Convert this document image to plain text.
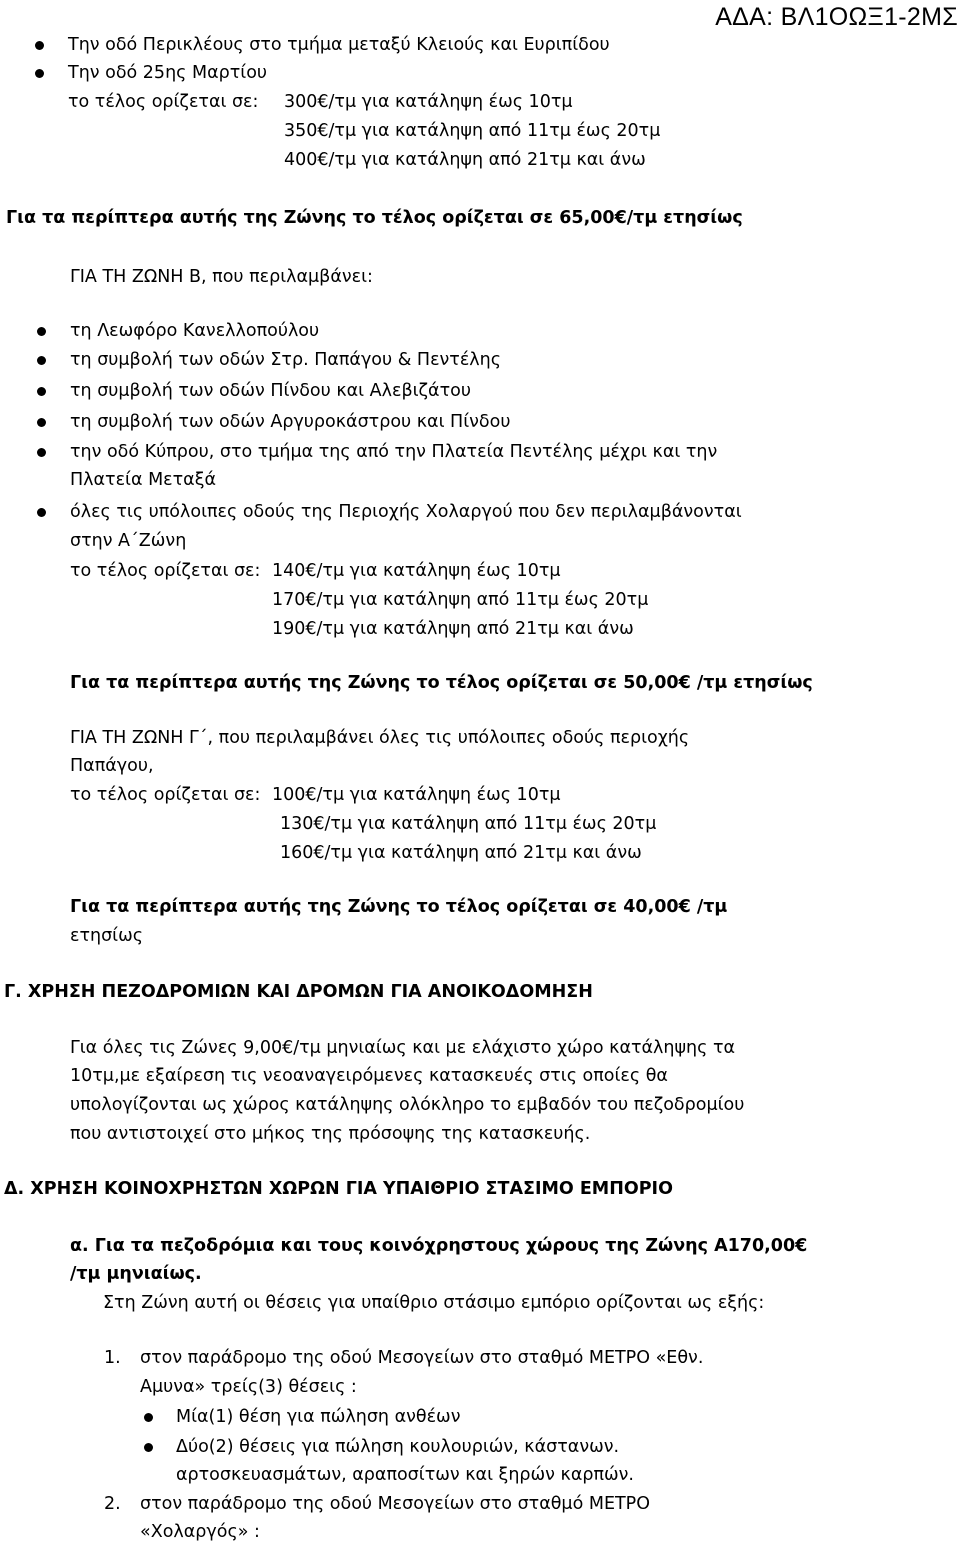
ΑΔΑ: ΒΛ1ΟΩΞ1-2ΜΣ
Την οδό Περικλέους στο τμήμα μεταξύ Κλειούς και Ευριπίδου
Την οδό 25ης Μαρτίου
το τέλος ορίζεται σε: 300€/τμ για κατάληψη έως 10τμ
350€/τμ για κατάληψη από 11τμ έως 20τμ
400€/τμ για κατάληψη από 21τμ και άνω
Για τα περίπτερα αυτής της Ζώνης το τέλος ορίζεται σε 65,00€/τμ ετησίως
ΓΙΑ ΤΗ ΖΩΝΗ Β, που περιλαμβάνει:
τη Λεωφόρο Κανελλοπούλου
τη συμβολή των οδών Στρ. Παπάγου & Πεντέλης
τη συμβολή των οδών Πίνδου και Αλεβιζάτου
τη συμβολή των οδών Αργυροκάστρου και Πίνδου
την οδό Κύπρου, στο τμήμα της από την Πλατεία Πεντέλης μέχρι και την
Πλατεία Μεταξά
όλες τις υπόλοιπες οδούς της Περιοχής Χολαργού που δεν περιλαμβάνονται
στην Α΄Ζώνη
το τέλος ορίζεται σε: 140€/τμ για κατάληψη έως 10τμ
170€/τμ για κατάληψη από 11τμ έως 20τμ
190€/τμ για κατάληψη από 21τμ και άνω
Για τα περίπτερα αυτής της Ζώνης το τέλος ορίζεται σε 50,00€ /τμ ετησίως
ΓΙΑ ΤΗ ΖΩΝΗ Γ΄, που περιλαμβάνει όλες τις υπόλοιπες οδούς περιοχής
Παπάγου,
το τέλος ορίζεται σε: 100€/τμ για κατάληψη έως 10τμ
130€/τμ για κατάληψη από 11τμ έως 20τμ
160€/τμ για κατάληψη από 21τμ και άνω
Για τα περίπτερα αυτής της Ζώνης το τέλος ορίζεται σε 40,00€ /τμ
ετησίως
Γ. ΧΡΗΣΗ ΠΕΖΟΔΡΟΜΙΩΝ ΚΑΙ ΔΡΟΜΩΝ ΓΙΑ ΑΝΟΙΚΟΔΟΜΗΣΗ
Για όλες τις Ζώνες 9,00€/τμ μηνιαίως και με ελάχιστο χώρο κατάληψης τα
10τμ,με εξαίρεση τις νεοαναγειρόμενες κατασκευές στις οποίες θα
υπολογίζονται ως χώρος κατάληψης ολόκληρο το εμβαδόν του πεζοδρομίου
που αντιστοιχεί στο μήκος της πρόσοψης της κατασκευής.
Δ. ΧΡΗΣΗ ΚΟΙΝΟΧΡΗΣΤΩΝ ΧΩΡΩΝ ΓΙΑ ΥΠΑΙΘΡΙΟ ΣΤΑΣΙΜΟ ΕΜΠΟΡΙΟ
α. Για τα πεζοδρόμια και τους κοινόχρηστους χώρους της Ζώνης Α170,00€
/τμ μηνιαίως.
Στη Ζώνη αυτή οι θέσεις για υπαίθριο στάσιμο εμπόριο ορίζονται ως εξής:
1. στον παράδρομο της οδού Μεσογείων στο σταθμό ΜΕΤΡΟ «Εθν.
Αμυνα» τρείς(3) θέσεις :
Μία(1) θέση για πώληση ανθέων
Δύο(2) θέσεις για πώληση κουλουριών, κάστανων.
αρτοσκευασμάτων, αραποσίτων και ξηρών καρπών.
2. στον παράδρομο της οδού Μεσογείων στο σταθμό ΜΕΤΡΟ
«Χολαργός» :
